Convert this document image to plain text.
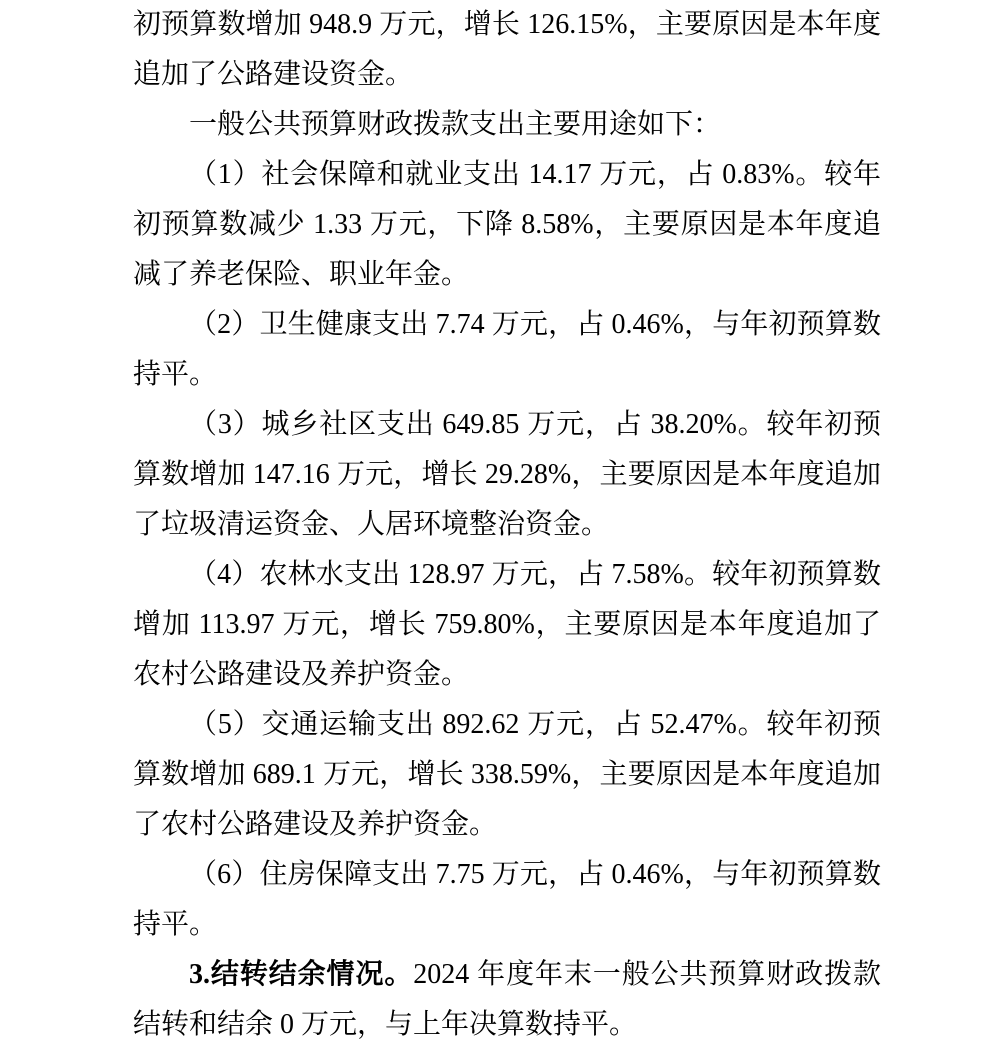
初预算数增加 948.9 万元，增长 126.15%，主要原因是本年度追加了公路建设资金。

一般公共预算财政拨款支出主要用途如下：

（1）社会保障和就业支出 14.17 万元，占 0.83%。较年初预算数减少 1.33 万元，下降 8.58%，主要原因是本年度追减了养老保险、职业年金。

（2）卫生健康支出 7.74 万元，占 0.46%，与年初预算数持平。

（3）城乡社区支出 649.85 万元，占 38.20%。较年初预算数增加 147.16 万元，增长 29.28%，主要原因是本年度追加了垃圾清运资金、人居环境整治资金。

（4）农林水支出 128.97 万元，占 7.58%。较年初预算数增加 113.97 万元，增长 759.80%，主要原因是本年度追加了农村公路建设及养护资金。

（5）交通运输支出 892.62 万元，占 52.47%。较年初预算数增加 689.1 万元，增长 338.59%，主要原因是本年度追加了农村公路建设及养护资金。

（6）住房保障支出 7.75 万元，占 0.46%，与年初预算数持平。

3.结转结余情况。2024 年度年末一般公共预算财政拨款结转和结余 0 万元，与上年决算数持平。
